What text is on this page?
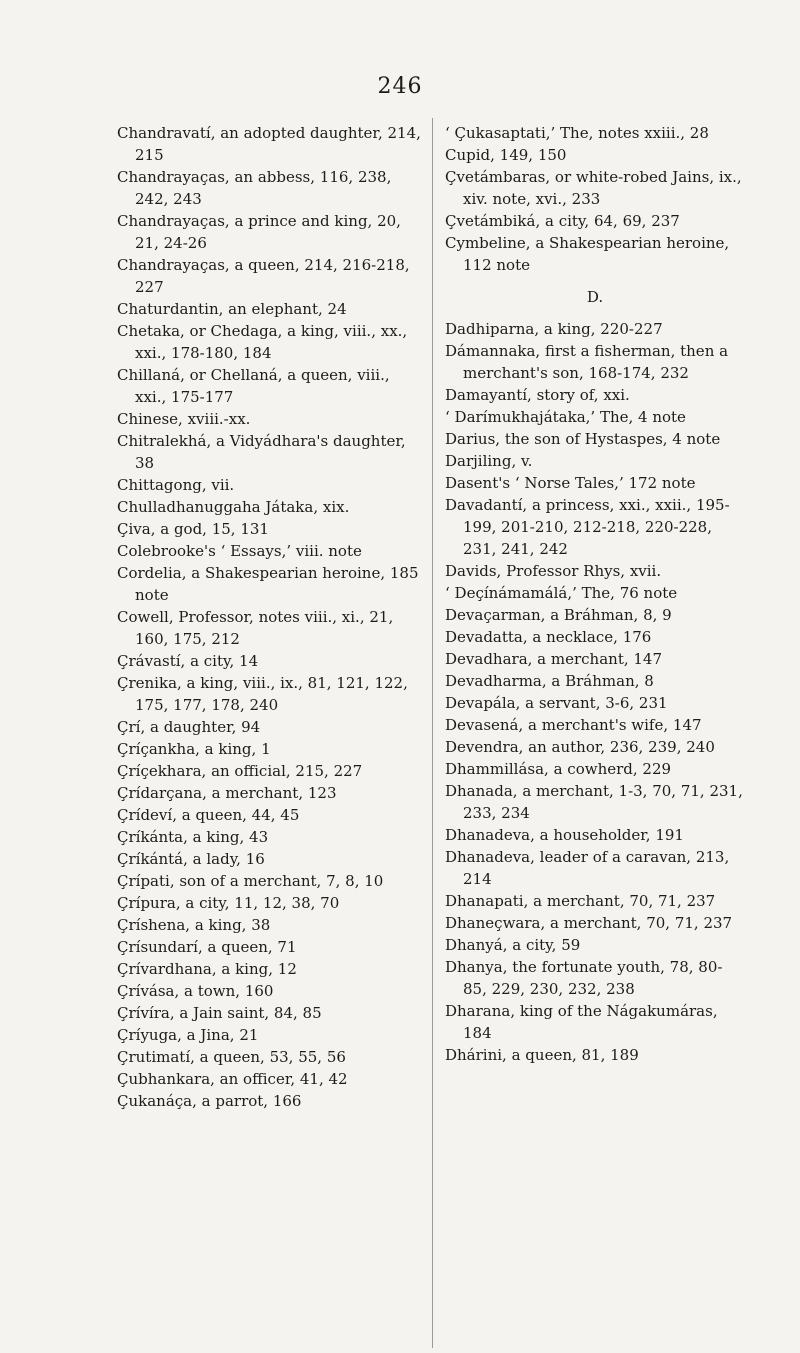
246
Chandravatí, an adopted daughter, 214, 215
Chandrayaças, an abbess, 116, 238, 242, 243
Chandrayaças, a prince and king, 20, 21, 24-26
Chandrayaças, a queen, 214, 216-218, 227
Chaturdantin, an elephant, 24
Chetaka, or Chedaga, a king, viii., xx., xxi., 178-180, 184
Chillaná, or Chellaná, a queen, viii., xxi., 175-177
Chinese, xviii.-xx.
Chitralekhá, a Vidyádhara's daughter, 38
Chittagong, vii.
Chulladhanuggaha Játaka, xix.
Çiva, a god, 15, 131
Colebrooke's ‘ Essays,’ viii. note
Cordelia, a Shakespearian heroine, 185 note
Cowell, Professor, notes viii., xi., 21, 160, 175, 212
Çrávastí, a city, 14
Çrenika, a king, viii., ix., 81, 121, 122, 175, 177, 178, 240
Çrí, a daughter, 94
Çríçankha, a king, 1
Çríçekhara, an official, 215, 227
Çrídarçana, a merchant, 123
Çrídeví, a queen, 44, 45
Çríkánta, a king, 43
Çríkántá, a lady, 16
Çrípati, son of a merchant, 7, 8, 10
Çrípura, a city, 11, 12, 38, 70
Çríshena, a king, 38
Çrísundarí, a queen, 71
Çrívardhana, a king, 12
Çrívása, a town, 160
Çrívíra, a Jain saint, 84, 85
Çríyuga, a Jina, 21
Çrutimatí, a queen, 53, 55, 56
Çubhankara, an officer, 41, 42
Çukanáça, a parrot, 166
‘ Çukasaptati,’ The, notes xxiii., 28
Cupid, 149, 150
Çvetámbaras, or white-robed Jains, ix., xiv. note, xvi., 233
Çvetámbiká, a city, 64, 69, 237
Cymbeline, a Shakespearian heroine, 112 note
D.
Dadhiparna, a king, 220-227
Dámannaka, first a fisherman, then a merchant's son, 168-174, 232
Damayantí, story of, xxi.
‘ Darímukhajátaka,’ The, 4 note
Darius, the son of Hystaspes, 4 note
Darjiling, v.
Dasent's ‘ Norse Tales,’ 172 note
Davadantí, a princess, xxi., xxii., 195-199, 201-210, 212-218, 220-228, 231, 241, 242
Davids, Professor Rhys, xvii.
‘ Deçínámamálá,’ The, 76 note
Devaçarman, a Bráhman, 8, 9
Devadatta, a necklace, 176
Devadhara, a merchant, 147
Devadharma, a Bráhman, 8
Devapála, a servant, 3-6, 231
Devasená, a merchant's wife, 147
Devendra, an author, 236, 239, 240
Dhammillása, a cowherd, 229
Dhanada, a merchant, 1-3, 70, 71, 231, 233, 234
Dhanadeva, a householder, 191
Dhanadeva, leader of a caravan, 213, 214
Dhanapati, a merchant, 70, 71, 237
Dhaneçwara, a merchant, 70, 71, 237
Dhanyá, a city, 59
Dhanya, the fortunate youth, 78, 80-85, 229, 230, 232, 238
Dharana, king of the Nágakumáras, 184
Dhárini, a queen, 81, 189
